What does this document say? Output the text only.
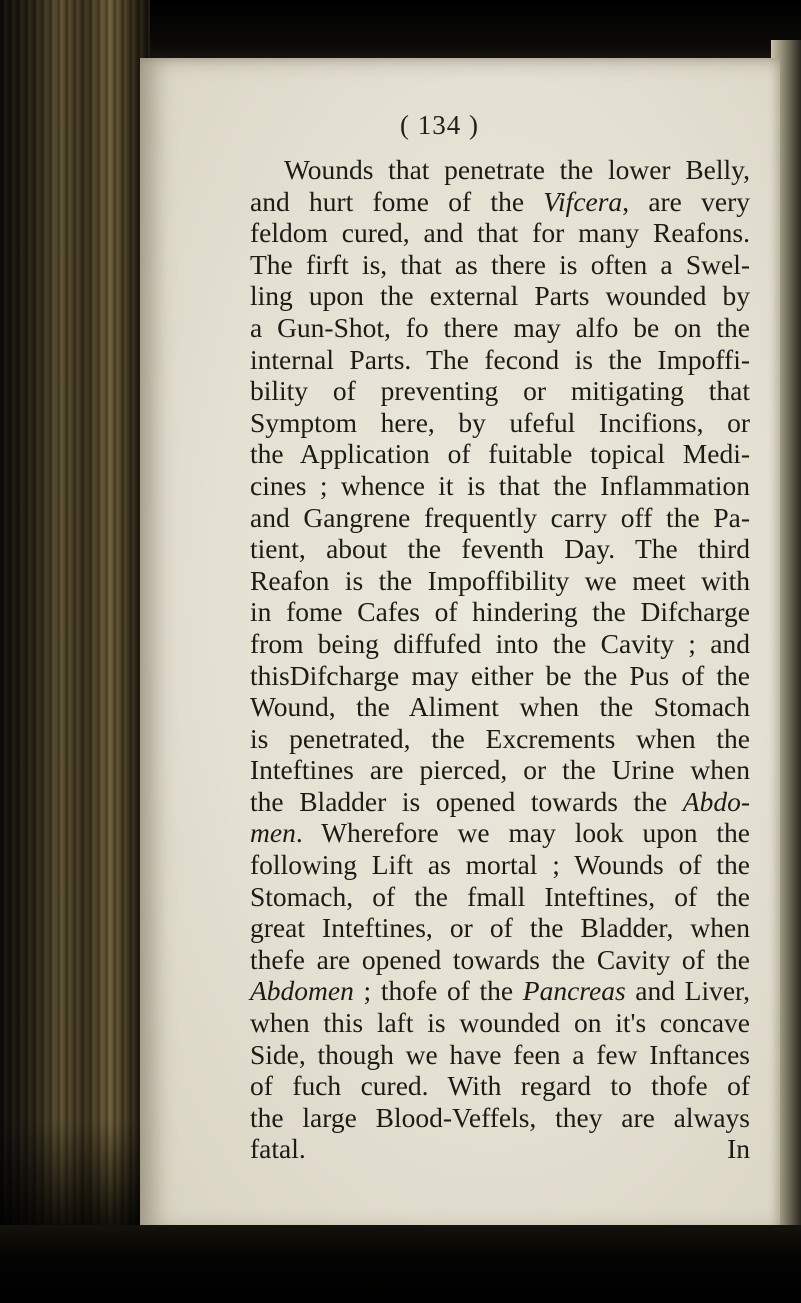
( 134 )
Wounds that penetrate the lower Belly,
and hurt fome of the Vifcera, are very
feldom cured, and that for many Reafons.
The firft is, that as there is often a Swel-
ling upon the external Parts wounded by
a Gun-Shot, fo there may alfo be on the
internal Parts. The fecond is the Impoffi-
bility of preventing or mitigating that
Symptom here, by ufeful Incifions, or
the Application of fuitable topical Medi-
cines ; whence it is that the Inflammation
and Gangrene frequently carry off the Pa-
tient, about the feventh Day. The third
Reafon is the Impoffibility we meet with
in fome Cafes of hindering the Difcharge
from being diffufed into the Cavity ; and
thisDifcharge may either be the Pus of the
Wound, the Aliment when the Stomach
is penetrated, the Excrements when the
Inteftines are pierced, or the Urine when
the Bladder is opened towards the Abdo-
men. Wherefore we may look upon the
following Lift as mortal ; Wounds of the
Stomach, of the fmall Inteftines, of the
great Inteftines, or of the Bladder, when
thefe are opened towards the Cavity of the
Abdomen ; thofe of the Pancreas and Liver,
when this laft is wounded on it's concave
Side, though we have feen a few Inftances
of fuch cured. With regard to thofe of
the large Blood-Veffels, they are always
fatal.	In
